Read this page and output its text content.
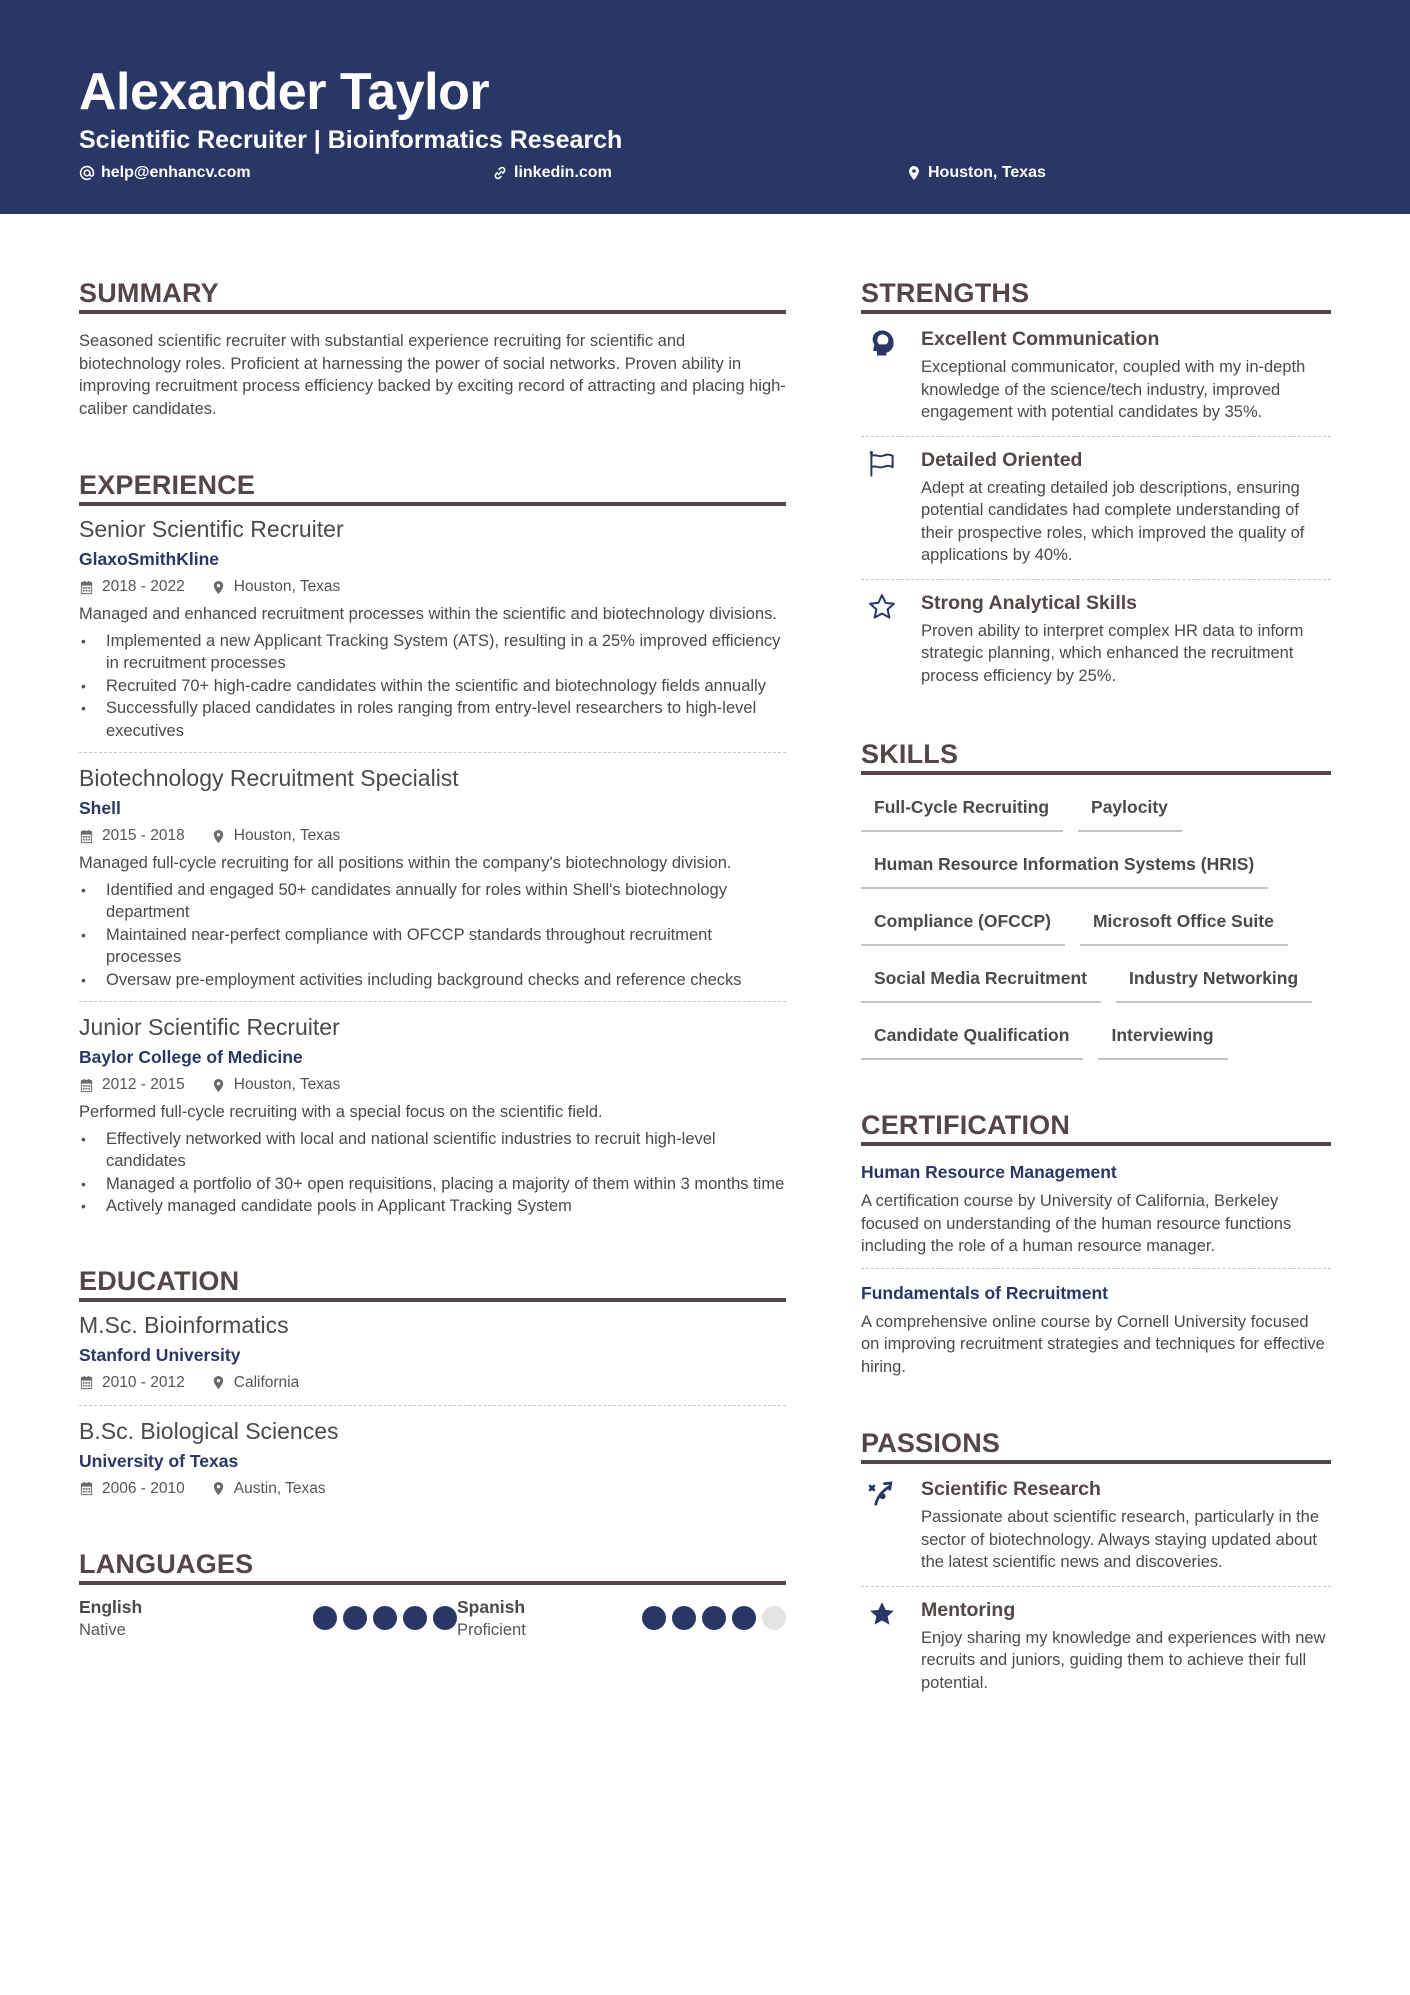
Alexander Taylor
Scientific Recruiter | Bioinformatics Research
help@enhancv.com	linkedin.com	Houston, Texas
SUMMARY

Seasoned scientific recruiter with substantial experience recruiting for scientific and biotechnology roles. Proficient at harnessing the power of social networks. Proven ability in improving recruitment process efficiency backed by exciting record of attracting and placing high-caliber candidates.

EXPERIENCE
Senior Scientific Recruiter
GlaxoSmithKline
2018 - 2022	Houston, Texas

Managed and enhanced recruitment processes within the scientific and biotechnology divisions.

• Implemented a new Applicant Tracking System (ATS), resulting in a 25% improved efficiency in recruitment processes
• Recruited 70+ high-cadre candidates within the scientific and biotechnology fields annually
• Successfully placed candidates in roles ranging from entry-level researchers to high-level executives
Biotechnology Recruitment Specialist
Shell
2015 - 2018	Houston, Texas

Managed full-cycle recruiting for all positions within the company's biotechnology division.

• Identified and engaged 50+ candidates annually for roles within Shell's biotechnology department
• Maintained near-perfect compliance with OFCCP standards throughout recruitment processes
• Oversaw pre-employment activities including background checks and reference checks
Junior Scientific Recruiter
Baylor College of Medicine
2012 - 2015	Houston, Texas

Performed full-cycle recruiting with a special focus on the scientific field.

• Effectively networked with local and national scientific industries to recruit high-level candidates
• Managed a portfolio of 30+ open requisitions, placing a majority of them within 3 months time
• Actively managed candidate pools in Applicant Tracking System
EDUCATION
M.Sc. Bioinformatics
Stanford University
2010 - 2012	California
B.Sc. Biological Sciences
University of Texas
2006 - 2010	Austin, Texas
LANGUAGES
English
Native
Spanish
Proficient
STRENGTHS
Excellent Communication
Exceptional communicator, coupled with my in-depth knowledge of the science/tech industry, improved engagement with potential candidates by 35%.
Detailed Oriented
Adept at creating detailed job descriptions, ensuring potential candidates had complete understanding of their prospective roles, which improved the quality of applications by 40%.
Strong Analytical Skills
Proven ability to interpret complex HR data to inform strategic planning, which enhanced the recruitment process efficiency by 25%.
SKILLS
Full-Cycle Recruiting	Paylocity
Human Resource Information Systems (HRIS)
Compliance (OFCCP)	Microsoft Office Suite
Social Media Recruitment	Industry Networking
Candidate Qualification	Interviewing
CERTIFICATION
Human Resource Management
A certification course by University of California, Berkeley focused on understanding of the human resource functions including the role of a human resource manager.
Fundamentals of Recruitment
A comprehensive online course by Cornell University focused on improving recruitment strategies and techniques for effective hiring.
PASSIONS
Scientific Research
Passionate about scientific research, particularly in the sector of biotechnology. Always staying updated about the latest scientific news and discoveries.
Mentoring
Enjoy sharing my knowledge and experiences with new recruits and juniors, guiding them to achieve their full potential.
